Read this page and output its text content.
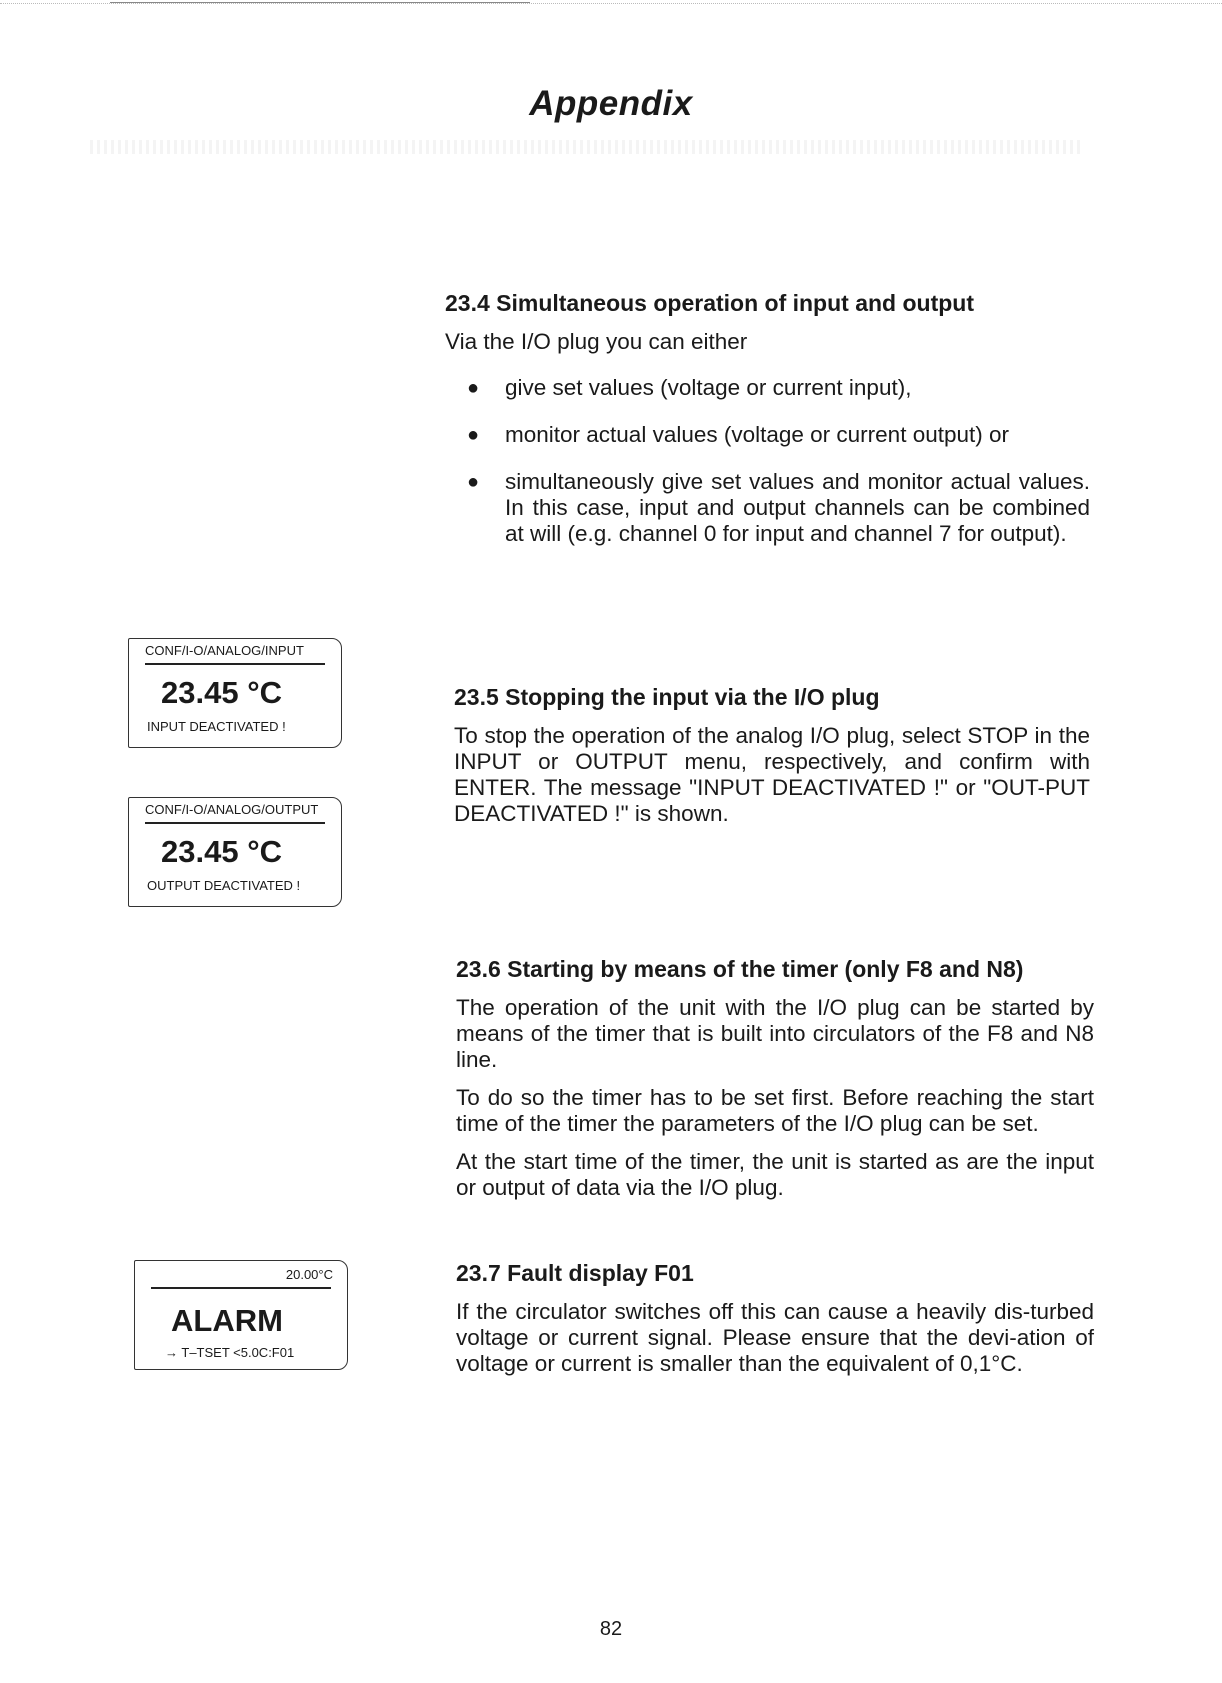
Appendix
23.4 Simultaneous operation of input and output

Via the I/O plug you can either

● give set values (voltage or current input),
● monitor actual values (voltage or current output) or
● simultaneously give set values and monitor actual values. In this case, input and output channels can be combined at will (e.g. channel 0 for input and channel 7 for output).
CONF/I-O/ANALOG/INPUT
23.45 °C
INPUT DEACTIVATED !
CONF/I-O/ANALOG/OUTPUT
23.45 °C
OUTPUT DEACTIVATED !
23.5 Stopping the input via the I/O plug

To stop the operation of the analog I/O plug, select STOP in the INPUT or OUTPUT menu, respectively, and confirm with ENTER. The message "INPUT DEACTIVATED !" or "OUT-PUT DEACTIVATED !" is shown.

23.6 Starting by means of the timer (only F8 and N8)

The operation of the unit with the I/O plug can be started by means of the timer that is built into circulators of the F8 and N8 line.

To do so the timer has to be set first. Before reaching the start time of the timer the parameters of the I/O plug can be set.

At the start time of the timer, the unit is started as are the input or output of data via the I/O plug.

20.00°C
ALARM
→ T–TSET <5.0C:F01
23.7 Fault display F01

If the circulator switches off this can cause a heavily dis-turbed voltage or current signal. Please ensure that the devi-ation of voltage or current is smaller than the equivalent of 0,1°C.

82
